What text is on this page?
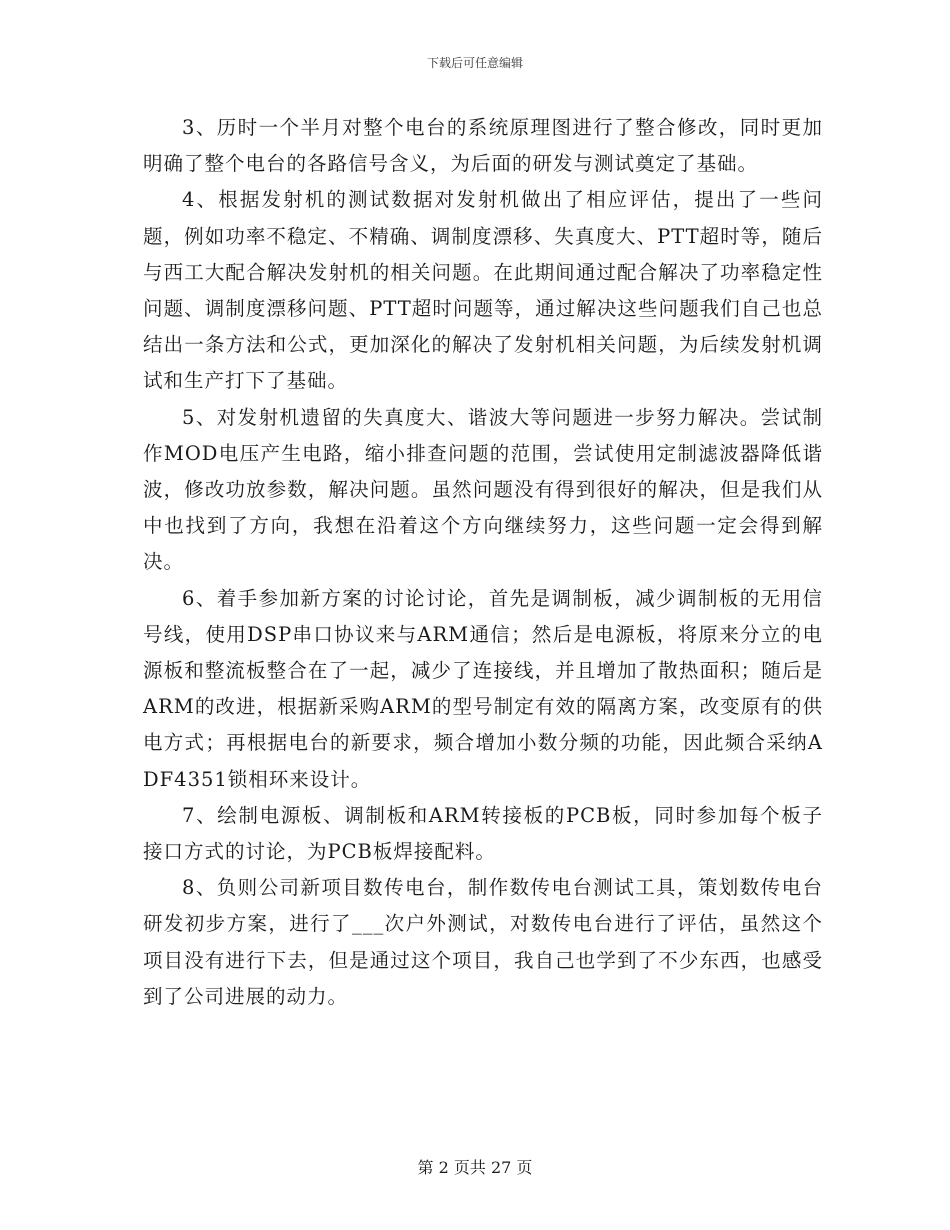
下载后可任意编辑

3、历时一个半月对整个电台的系统原理图进行了整合修改，同时更加明确了整个电台的各路信号含义，为后面的研发与测试奠定了基础。

4、根据发射机的测试数据对发射机做出了相应评估，提出了一些问题，例如功率不稳定、不精确、调制度漂移、失真度大、PTT超时等，随后与西工大配合解决发射机的相关问题。在此期间通过配合解决了功率稳定性问题、调制度漂移问题、PTT超时问题等，通过解决这些问题我们自己也总结出一条方法和公式，更加深化的解决了发射机相关问题，为后续发射机调试和生产打下了基础。

5、对发射机遗留的失真度大、谐波大等问题进一步努力解决。尝试制作MOD电压产生电路，缩小排查问题的范围，尝试使用定制滤波器降低谐波，修改功放参数，解决问题。虽然问题没有得到很好的解决，但是我们从中也找到了方向，我想在沿着这个方向继续努力，这些问题一定会得到解决。

6、着手参加新方案的讨论讨论，首先是调制板，减少调制板的无用信号线，使用DSP串口协议来与ARM通信；然后是电源板，将原来分立的电源板和整流板整合在了一起，减少了连接线，并且增加了散热面积；随后是ARM的改进，根据新采购ARM的型号制定有效的隔离方案，改变原有的供电方式；再根据电台的新要求，频合增加小数分频的功能，因此频合采纳ADF4351锁相环来设计。

7、绘制电源板、调制板和ARM转接板的PCB板，同时参加每个板子接口方式的讨论，为PCB板焊接配料。

8、负则公司新项目数传电台，制作数传电台测试工具，策划数传电台研发初步方案，进行了___次户外测试，对数传电台进行了评估，虽然这个项目没有进行下去，但是通过这个项目，我自己也学到了不少东西，也感受到了公司进展的动力。

第 2 页共 27 页
